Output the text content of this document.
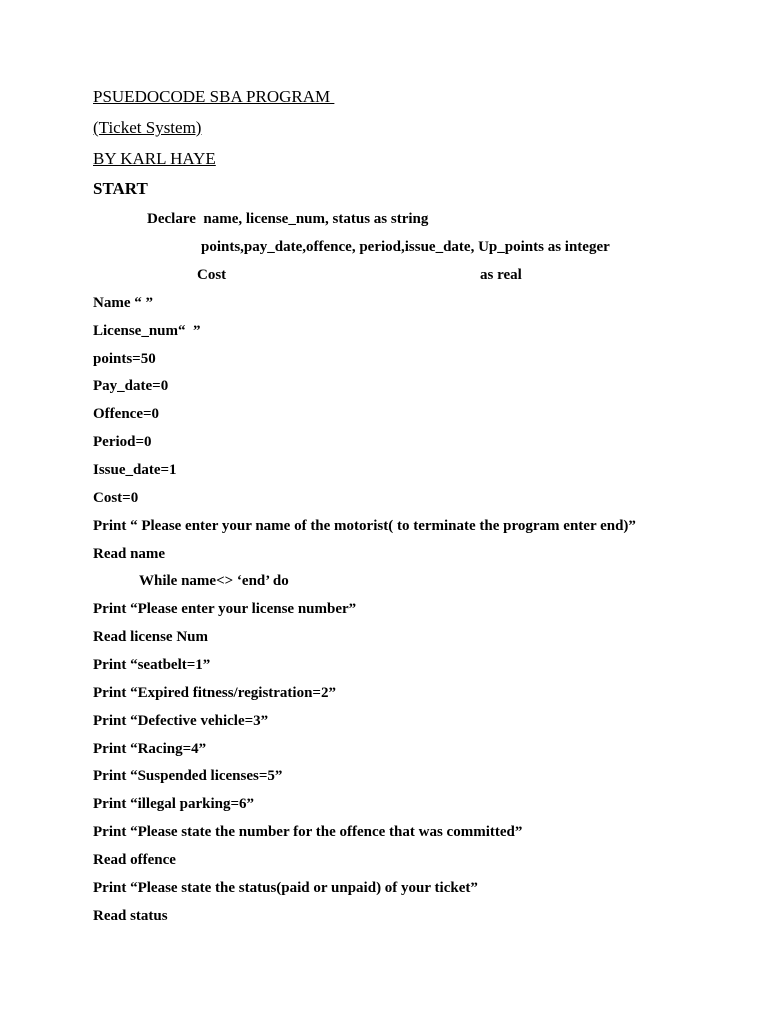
PSUEDOCODE SBA PROGRAM
(Ticket System)
BY KARL HAYE
START
Declare  name, license_num, status as string
points,pay_date,offence, period,issue_date, Up_points as integer
Cost	as real
Name “ ”
License_num“  ”
points=50
Pay_date=0
Offence=0
Period=0
Issue_date=1
Cost=0
Print “ Please enter your name of the motorist( to terminate the program enter end)”
Read name
While name<> ‘end’ do
Print “Please enter your license number”
Read license Num
Print “seatbelt=1”
Print “Expired fitness/registration=2”
Print “Defective vehicle=3”
Print “Racing=4”
Print “Suspended licenses=5”
Print “illegal parking=6”
Print “Please state the number for the offence that was committed”
Read offence
Print “Please state the status(paid or unpaid) of your ticket”
Read status
